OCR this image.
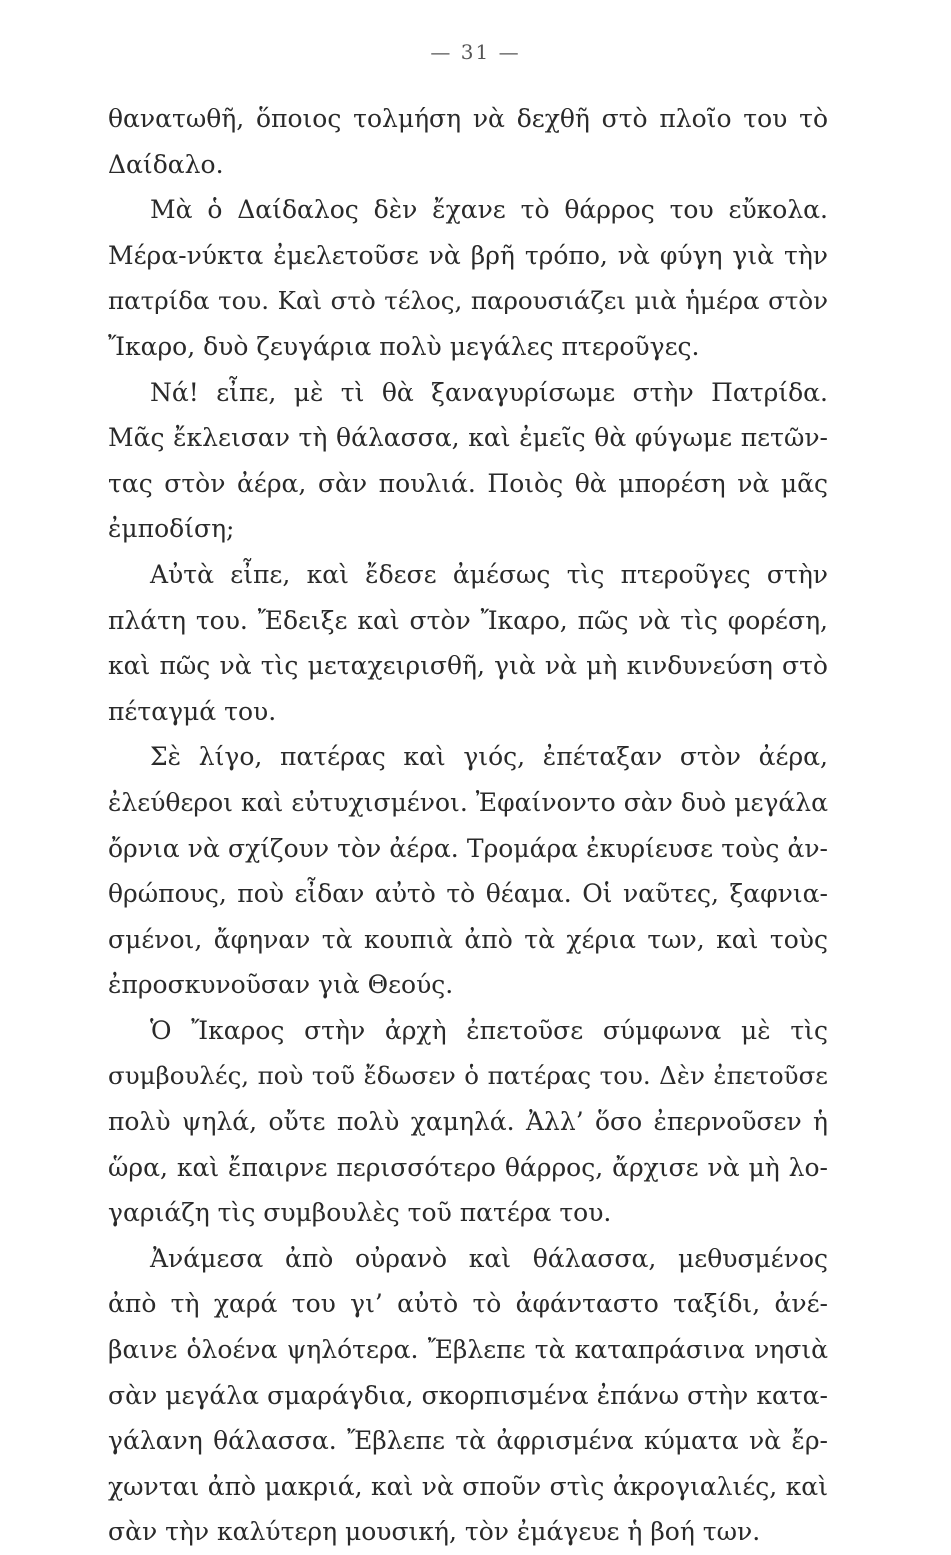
— 31 —
θανατωθῆ, ὅποιος τολμήση νὰ δεχθῆ στὸ πλοῖο του τὸ
Δαίδαλο.
Μὰ ὁ Δαίδαλος δὲν ἔχανε τὸ θάρρος του εὔκολα.
Μέρα-νύκτα ἐμελετοῦσε νὰ βρῆ τρόπο, νὰ φύγη γιὰ τὴν
πατρίδα του. Καὶ στὸ τέλος, παρουσιάζει μιὰ ἡμέρα στὸν
Ἴκαρο, δυὸ ζευγάρια πολὺ μεγάλες πτεροῦγες.
Νά! εἶπε, μὲ τὶ θὰ ξαναγυρίσωμε στὴν Πατρίδα.
Μᾶς ἔκλεισαν τὴ θάλασσα, καὶ ἐμεῖς θὰ φύγωμε πετῶν-
τας στὸν ἀέρα, σὰν πουλιά. Ποιὸς θὰ μπορέση νὰ μᾶς
ἐμποδίση;
Αὐτὰ εἶπε, καὶ ἔδεσε ἀμέσως τὶς πτεροῦγες στὴν
πλάτη του. Ἔδειξε καὶ στὸν Ἴκαρο, πῶς νὰ τὶς φορέση,
καὶ πῶς νὰ τὶς μεταχειρισθῆ, γιὰ νὰ μὴ κινδυνεύση στὸ
πέταγμά του.
Σὲ λίγο, πατέρας καὶ γιός, ἐπέταξαν στὸν ἀέρα,
ἐλεύθεροι καὶ εὐτυχισμένοι. Ἐφαίνοντο σὰν δυὸ μεγάλα
ὄρνια νὰ σχίζουν τὸν ἀέρα. Τρομάρα ἐκυρίευσε τοὺς ἀν-
θρώπους, ποὺ εἶδαν αὐτὸ τὸ θέαμα. Οἱ ναῦτες, ξαφνια-
σμένοι, ἄφηναν τὰ κουπιὰ ἀπὸ τὰ χέρια των, καὶ τοὺς
ἐπροσκυνοῦσαν γιὰ Θεούς.
Ὁ Ἴκαρος στὴν ἀρχὴ ἐπετοῦσε σύμφωνα μὲ τὶς
συμβουλές, ποὺ τοῦ ἔδωσεν ὁ πατέρας του. Δὲν ἐπετοῦσε
πολὺ ψηλά, οὔτε πολὺ χαμηλά. Ἀλλ’ ὅσο ἐπερνοῦσεν ἡ
ὥρα, καὶ ἔπαιρνε περισσότερο θάρρος, ἄρχισε νὰ μὴ λο-
γαριάζη τὶς συμβουλὲς τοῦ πατέρα του.
Ἀνάμεσα ἀπὸ οὐρανὸ καὶ θάλασσα, μεθυσμένος
ἀπὸ τὴ χαρά του γι’ αὐτὸ τὸ ἀφάνταστο ταξίδι, ἀνέ-
βαινε ὁλοένα ψηλότερα. Ἔβλεπε τὰ καταπράσινα νησιὰ
σὰν μεγάλα σμαράγδια, σκορπισμένα ἐπάνω στὴν κατα-
γάλανη θάλασσα. Ἔβλεπε τὰ ἀφρισμένα κύματα νὰ ἔρ-
χωνται ἀπὸ μακριά, καὶ νὰ σποῦν στὶς ἀκρογιαλιές, καὶ
σὰν τὴν καλύτερη μουσική, τὸν ἐμάγευε ἡ βοή των.
